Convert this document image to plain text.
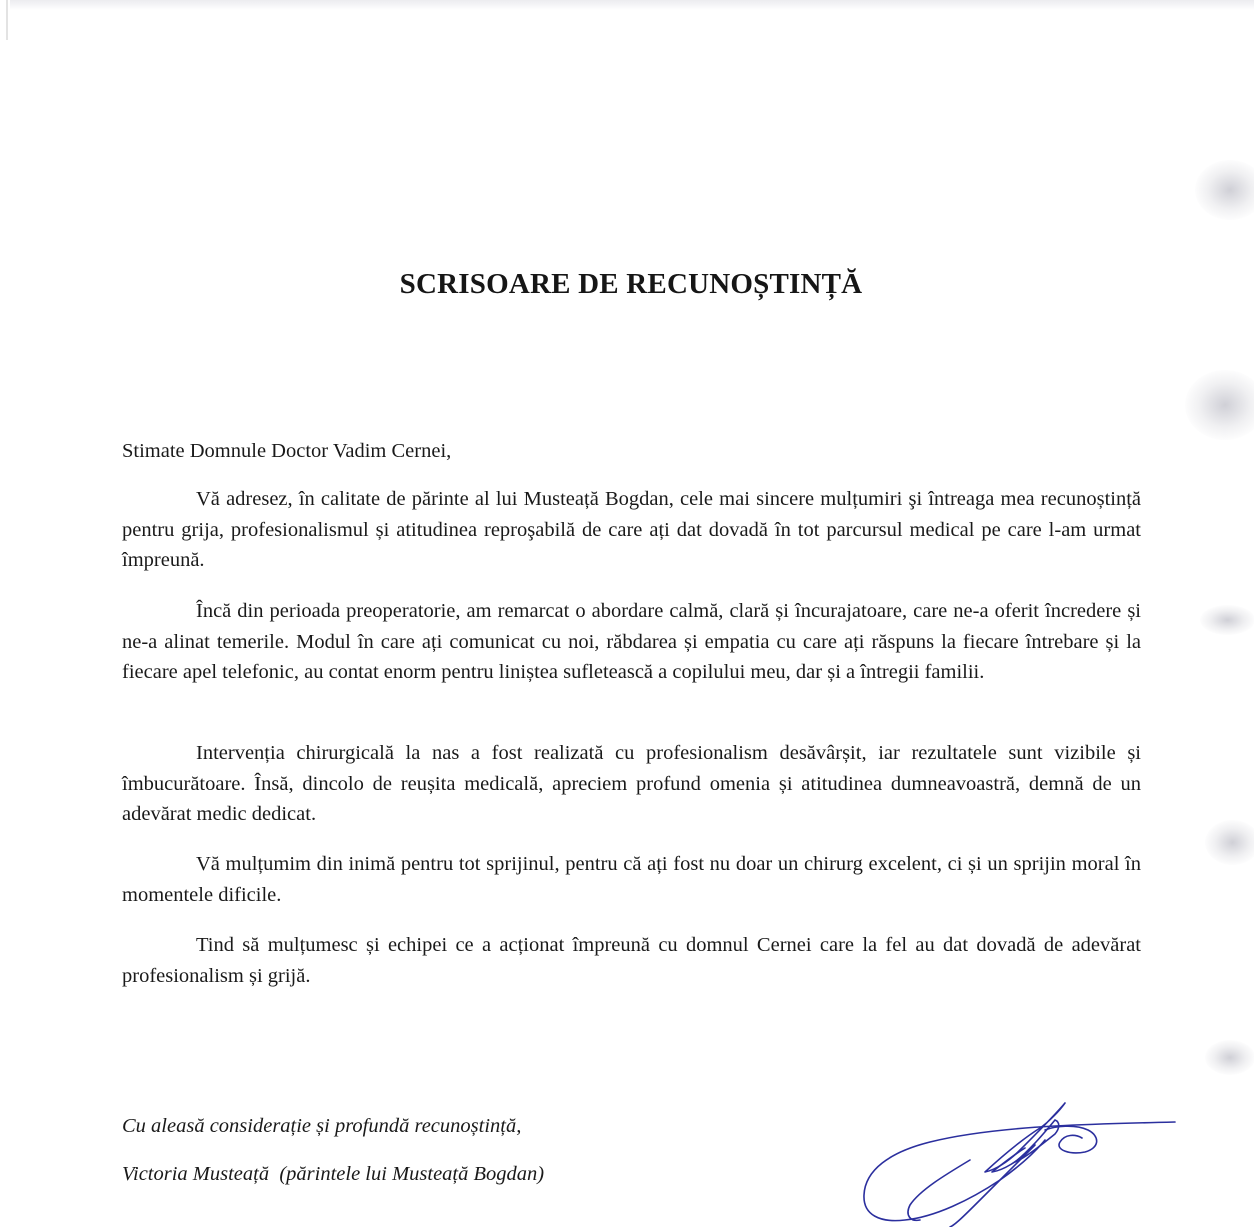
SCRISOARE DE RECUNOȘTINȚĂ
Stimate Domnule Doctor Vadim Cernei,

Vă adresez, în calitate de părinte al lui Musteață Bogdan, cele mai sincere mulțumiri şi întreaga mea recunoștință pentru grija, profesionalismul și atitudinea reproşabilă de care ați dat dovadă în tot parcursul medical pe care l-am urmat împreună.

Încă din perioada preoperatorie, am remarcat o abordare calmă, clară și încurajatoare, care ne-a oferit încredere și ne-a alinat temerile. Modul în care ați comunicat cu noi, răbdarea și empatia cu care ați răspuns la fiecare întrebare și la fiecare apel telefonic, au contat enorm pentru liniștea sufletească a copilului meu, dar și a întregii familii.

Intervenția chirurgicală la nas a fost realizată cu profesionalism desăvârșit, iar rezultatele sunt vizibile și îmbucurătoare. Însă, dincolo de reușita medicală, apreciem profund omenia și atitudinea dumneavoastră, demnă de un adevărat medic dedicat.

Vă mulțumim din inimă pentru tot sprijinul, pentru că ați fost nu doar un chirurg excelent, ci și un sprijin moral în momentele dificile.

Tind să mulțumesc și echipei ce a acționat împreună cu domnul Cernei care la fel au dat dovadă de adevărat profesionalism și grijă.

Cu aleasă considerație și profundă recunoștință,
Victoria Musteață  (părintele lui Musteață Bogdan)
